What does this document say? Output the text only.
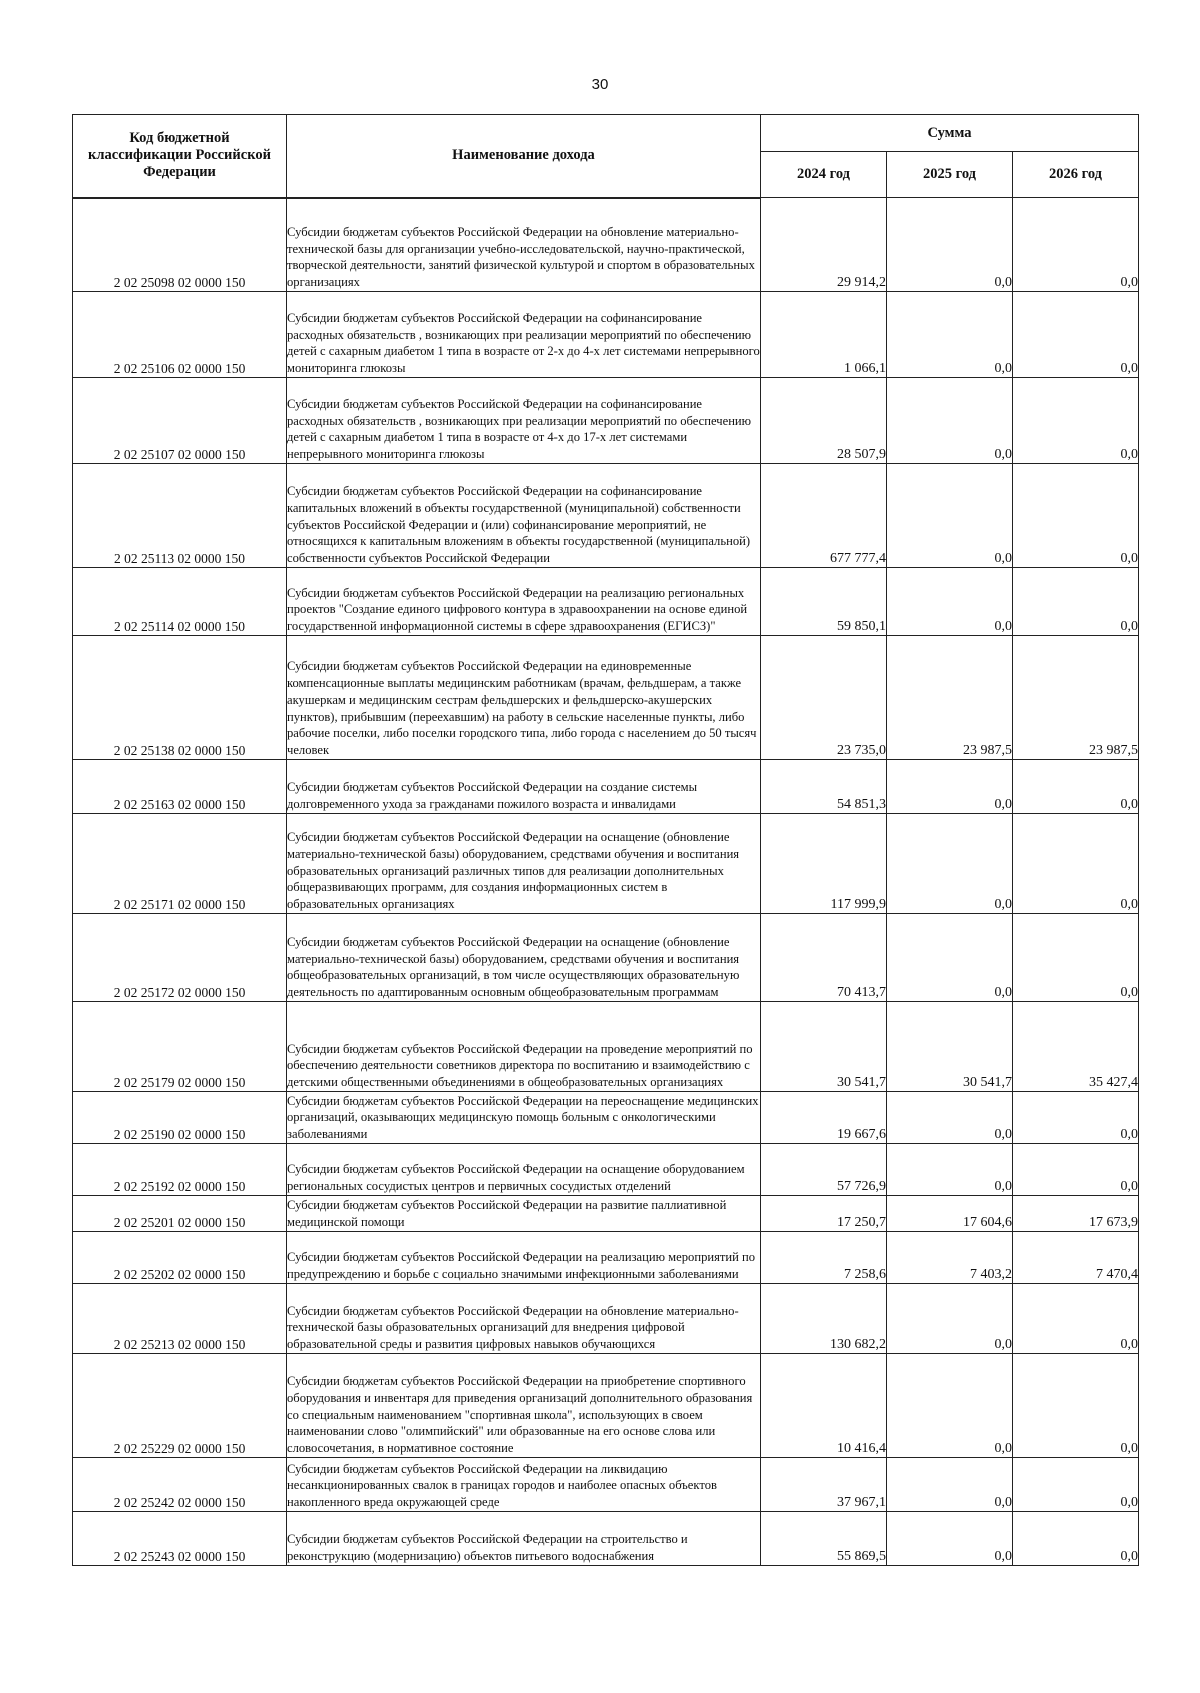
30
Код бюджетной классификации Российской Федерации	Наименование дохода	Сумма		
		2024 год	2025 год	2026 год
2 02 25098 02 0000 150	Субсидии бюджетам субъектов Российской Федерации на обновление материально-технической базы для организации учебно-исследовательской, научно-практической, творческой деятельности, занятий физической культурой и спортом в образовательных организациях	29 914,2	0,0	0,0
2 02 25106 02 0000 150	Субсидии бюджетам субъектов Российской Федерации на софинансирование расходных обязательств , возникающих при реализации мероприятий по обеспечению детей с сахарным диабетом 1 типа в возрасте от 2-х до 4-х лет системами непрерывного мониторинга глюкозы	1 066,1	0,0	0,0
2 02 25107 02 0000 150	Субсидии бюджетам субъектов Российской Федерации на софинансирование расходных обязательств , возникающих при реализации мероприятий по обеспечению детей с сахарным диабетом 1 типа в возрасте от 4-х до 17-х лет системами непрерывного мониторинга глюкозы	28 507,9	0,0	0,0
2 02 25113 02 0000 150	Субсидии бюджетам субъектов Российской Федерации на софинансирование капитальных вложений в объекты государственной (муниципальной) собственности субъектов Российской Федерации и (или) софинансирование мероприятий, не относящихся к капитальным вложениям в объекты государственной (муниципальной) собственности субъектов Российской Федерации	677 777,4	0,0	0,0
2 02 25114 02 0000 150	Субсидии бюджетам субъектов Российской Федерации на реализацию региональных проектов "Создание единого цифрового контура в здравоохранении на основе единой государственной информационной системы в сфере здравоохранения (ЕГИСЗ)"	59 850,1	0,0	0,0
2 02 25138 02 0000 150	Субсидии бюджетам субъектов Российской Федерации на единовременные компенсационные выплаты медицинским работникам (врачам, фельдшерам, а также акушеркам и медицинским сестрам фельдшерских и фельдшерско-акушерских пунктов), прибывшим (переехавшим) на работу в сельские населенные пункты, либо рабочие поселки, либо поселки городского типа, либо города с населением до 50 тысяч человек	23 735,0	23 987,5	23 987,5
2 02 25163 02 0000 150	Субсидии бюджетам субъектов Российской Федерации на создание системы долговременного ухода за гражданами пожилого возраста и инвалидами	54 851,3	0,0	0,0
2 02 25171 02 0000 150	Субсидии бюджетам субъектов Российской Федерации на оснащение (обновление материально-технической базы) оборудованием, средствами обучения и воспитания образовательных организаций различных типов для реализации дополнительных общеразвивающих программ, для создания информационных систем в образовательных организациях	117 999,9	0,0	0,0
2 02 25172 02 0000 150	Субсидии бюджетам субъектов Российской Федерации на оснащение (обновление материально-технической базы) оборудованием, средствами обучения и воспитания общеобразовательных организаций, в том числе осуществляющих образовательную деятельность по адаптированным основным общеобразовательным программам	70 413,7	0,0	0,0
2 02 25179 02 0000 150	Субсидии бюджетам субъектов Российской Федерации на проведение мероприятий по обеспечению деятельности советников директора по воспитанию и взаимодействию с детскими общественными объединениями в общеобразовательных организациях	30 541,7	30 541,7	35 427,4
2 02 25190 02 0000 150	Субсидии бюджетам субъектов Российской Федерации на переоснащение медицинских организаций, оказывающих медицинскую помощь больным с онкологическими заболеваниями	19 667,6	0,0	0,0
2 02 25192 02 0000 150	Субсидии бюджетам субъектов Российской Федерации на оснащение оборудованием региональных сосудистых центров и первичных сосудистых отделений	57 726,9	0,0	0,0
2 02 25201 02 0000 150	Субсидии бюджетам субъектов Российской Федерации на развитие паллиативной медицинской помощи	17 250,7	17 604,6	17 673,9
2 02 25202 02 0000 150	Субсидии бюджетам субъектов Российской Федерации на реализацию мероприятий по предупреждению и борьбе с социально значимыми инфекционными заболеваниями	7 258,6	7 403,2	7 470,4
2 02 25213 02 0000 150	Субсидии бюджетам субъектов Российской Федерации на обновление материально-технической базы образовательных организаций для внедрения цифровой образовательной среды и развития цифровых навыков обучающихся	130 682,2	0,0	0,0
2 02 25229 02 0000 150	Субсидии бюджетам субъектов Российской Федерации на приобретение спортивного оборудования и инвентаря для приведения организаций дополнительного образования со специальным наименованием "спортивная школа", использующих в своем наименовании слово "олимпийский" или образованные на его основе слова или словосочетания, в нормативное состояние	10 416,4	0,0	0,0
2 02 25242 02 0000 150	Субсидии бюджетам субъектов Российской Федерации на ликвидацию несанкционированных свалок в границах городов и наиболее опасных объектов накопленного вреда окружающей среде	37 967,1	0,0	0,0
2 02 25243 02 0000 150	Субсидии бюджетам субъектов Российской Федерации на строительство и реконструкцию (модернизацию) объектов питьевого водоснабжения	55 869,5	0,0	0,0
